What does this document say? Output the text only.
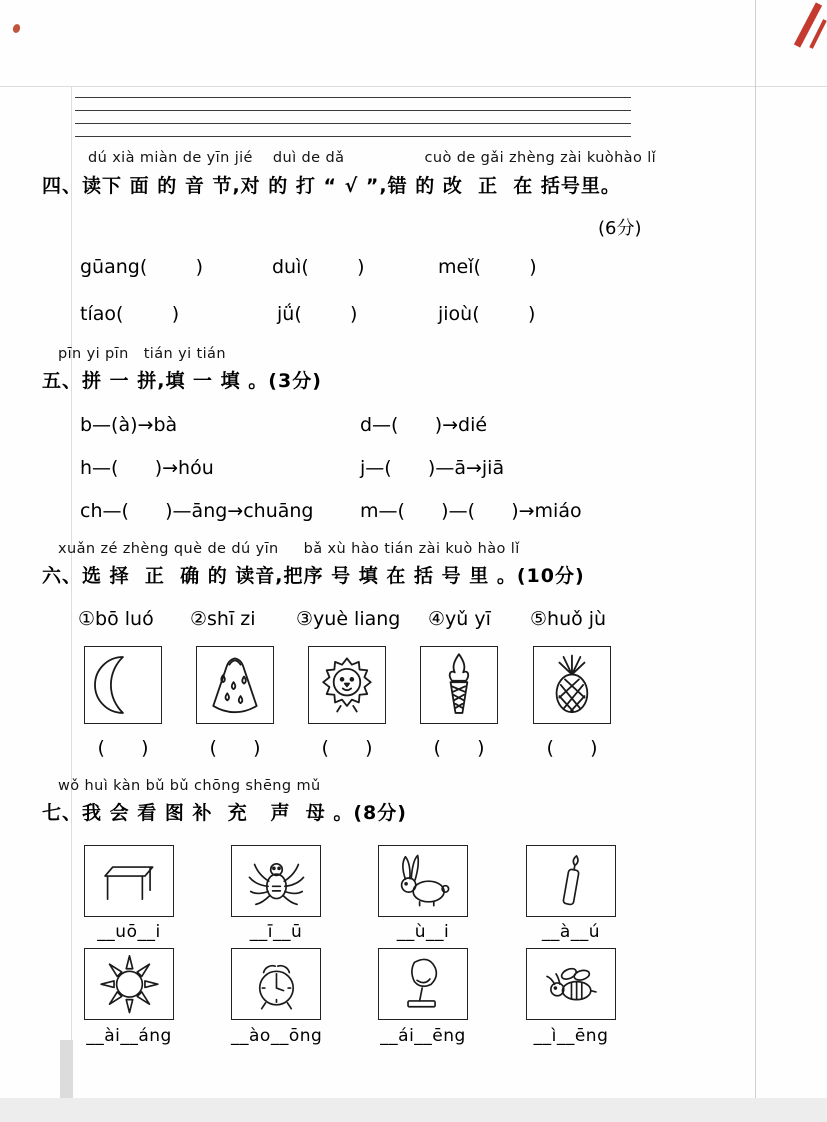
dú xià miàn de yīn jié    duì de dǎ                cuò de gǎi zhèng zài kuòhào lǐ
四、读下 面 的 音 节,对 的 打 “ √ ”,错 的 改  正  在 括号里。
(6分)
gūang(        )	duì(        )	meǐ(        )
tíao(        )	jǘ(        )	jioù(        )
pīn yi pīn   tián yi tián
五、拼 一 拼,填 一 填 。(3分)
b—(à)→bà	d—(      )→dié
h—(      )→hóu	j—(      )—ā→jiā
ch—(      )—āng→chuāng m—(      )—(      )→miáo
xuǎn zé zhèng què de dú yīn     bǎ xù hào tián zài kuò hào lǐ
六、选 择  正  确 的 读音,把序 号 填 在 括 号 里 。(10分)
①bō luó ②shī zi ③yuè liang ④yǔ yī ⑤huǒ jù
(      )	(      )	(      )	(      )	(      )
wǒ huì kàn bǔ bǔ chōng shēng mǔ
七、我 会 看 图 补  充   声  母 。(8分)
__uō__i	__ī__ū	__ù__i	__à__ú
__ài__áng	__ào__ōng	__ái__ēng	__ì__ēng
